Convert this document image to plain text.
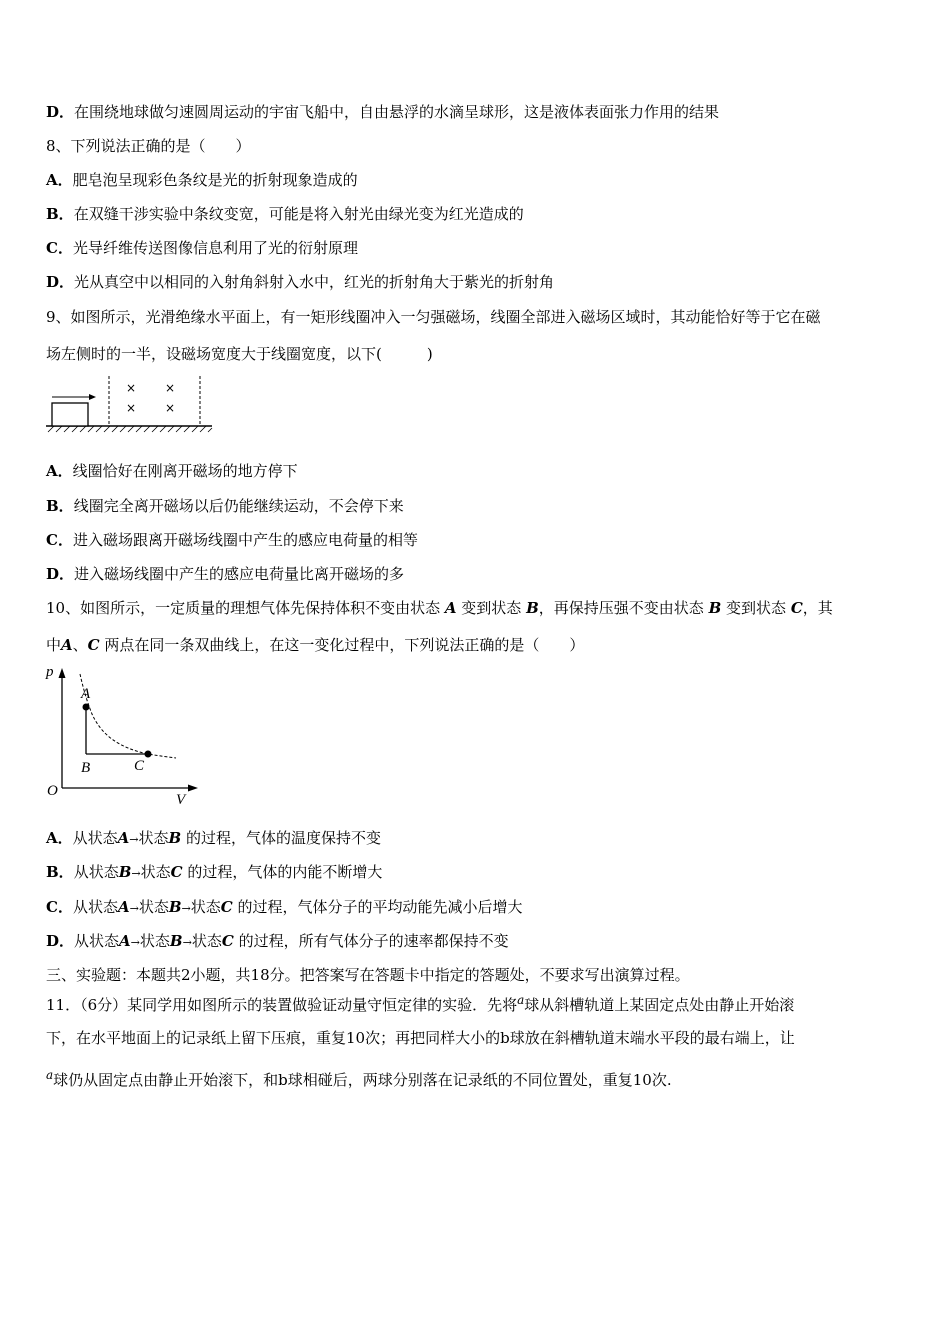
D．在围绕地球做匀速圆周运动的宇宙飞船中，自由悬浮的水滴呈球形，这是液体表面张力作用的结果
8、下列说法正确的是（　　）
A．肥皂泡呈现彩色条纹是光的折射现象造成的
B．在双缝干涉实验中条纹变宽，可能是将入射光由绿光变为红光造成的
C．光导纤维传送图像信息利用了光的衍射原理
D．光从真空中以相同的入射角斜射入水中，红光的折射角大于紫光的折射角
9、如图所示，光滑绝缘水平面上，有一矩形线圈冲入一匀强磁场，线圈全部进入磁场区域时，其动能恰好等于它在磁
场左侧时的一半，设磁场宽度大于线圈宽度，以下(　　　)
× ×
× ×
A．线圈恰好在刚离开磁场的地方停下
B．线圈完全离开磁场以后仍能继续运动，不会停下来
C．进入磁场跟离开磁场线圈中产生的感应电荷量的相等
D．进入磁场线圈中产生的感应电荷量比离开磁场的多
10、如图所示，一定质量的理想气体先保持体积不变由状态 A 变到状态 B，再保持压强不变由状态 B 变到状态 C，其
中A、C 两点在同一条双曲线上，在这一变化过程中，下列说法正确的是（　　）
p
A
B	C
O
V
A．从状态A→状态B 的过程，气体的温度保持不变
B．从状态B→状态C 的过程，气体的内能不断增大
C．从状态A→状态B→状态C 的过程，气体分子的平均动能先减小后增大
D．从状态A→状态B→状态C 的过程，所有气体分子的速率都保持不变
三、实验题：本题共2小题，共18分。把答案写在答题卡中指定的答题处，不要求写出演算过程。
11．（6分）某同学用如图所示的装置做验证动量守恒定律的实验．先将$^a$球从斜槽轨道上某固定点处由静止开始滚
下，在水平地面上的记录纸上留下压痕，重复10次；再把同样大小的b球放在斜槽轨道末端水平段的最右端上，让
$^a$球仍从固定点由静止开始滚下，和b球相碰后，两球分别落在记录纸的不同位置处，重复10次.
